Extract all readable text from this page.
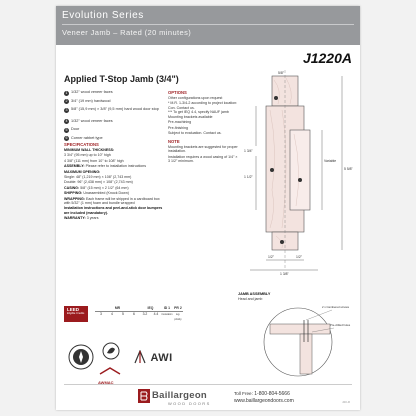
Evolution Series
Veneer Jamb – Rated (20 minutes)
J1220A
Applied T-Stop Jamb (3/4")
1 1/32" wood veneer faces
2 3/4" (19 mm) hardwood
3 5/8" (15,9 mm) × 3/8" (9,5 mm) hard wood door stop
4 1/32" wood veneer faces
5 Door
6 Corner rabbet type
SPECIFICATIONS
MINIMUM WALL THICKNESS:
3 3/4" (95 mm) up to 10" high
4 3/8" (111 mm) from 10" to 108" high
ASSEMBLY: Please refer to installation instructions
MAXIMUM OPENING:
Single: 48" (1,219 mm) × 108" (2,743 mm)
Double: 96" (2,438 mm) × 108" (2,743 mm)
CASING: 5/8" (15 mm) × 2 1/2" (64 mm)
SHIPPING: Unassembled (Knock Down)
WRAPPING: Each frame will be shipped in a cardboard box with 5/32" (1 mm) foam and bundle wrapped
Installation instructions and peel-and-stick door bumpers are included (mandatory).
WARRANTY: 3 years
OPTIONS
Other configurations upon request
* M.R. 1-3/4-2 according to project location: Con. Contact us.
*** To get IEQ 4.4, specify NAUF jamb
Mounting brackets available
Pre-machining
Pre-finishing
Subject to evaluation. Contact us.
NOTE
Mounting brackets are suggested for proper installation.
Installation requires a wood casing of 1/4" × 3 1/2" minimum.
5/8"
1 3/4"
1 1/2"
Variable
1/2"	1/2"
1 3/8"
5 5/8"
JAMB ASSEMBLY
Head and jamb
2 x Cambered screws
Pre-drilled holes
LEED
Eligible Credits

MR	IEQ	ID 1	PR 2
3	4	5	6	3.2	4.4	innovation	reg. priority
AWMAC
AWI
Baillargeon
WOOD DOORS
Toll Free: 1-800-804-5666
www.baillargeondoors.com	J20-R
